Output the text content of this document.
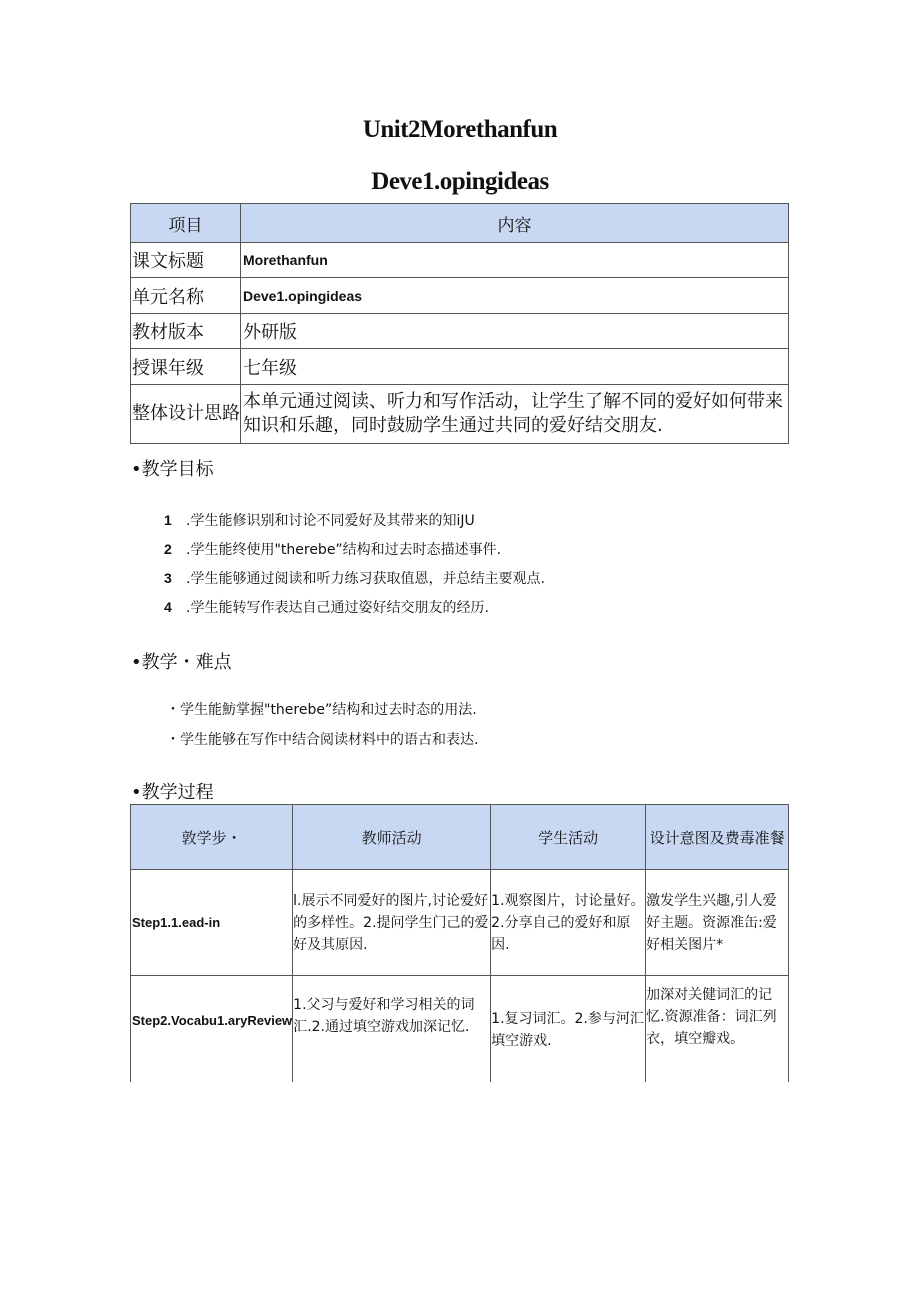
Unit2Morethanfun
Deve1.opingideas
项目	内容
课文标题	Morethanfun
单元名称	Deve1.opingideas
教材版本	外研版
授课年级	七年级
整体设计思路	本单元通过阅读、听力和写作活动，让学生了解不同的爱好如何带来知识和乐趣，同时鼓励学生通过共同的爱好结交朋友.
•教学目标
1 .学生能修识别和讨论不同爱好及其带来的知iJU
2 .学生能终使用"therebe”结构和过去时态描述事件.
3 .学生能够通过阅读和听力练习获取值恩，并总结主要观点.
4 .学生能转写作表达自己通过姿好结交朋友的经历.
•教学・难点
・学生能魴掌握"therebe”结构和过去时态的用法.
・学生能够在写作中结合阅读材料中的语古和表达.
•教学过程
敦学步・	教师活动	学生活动	设计意图及费毒准餐
Step1.1.ead-in	l.展示不同爱好的图片,讨论爱好的多样性。2.提问学生门己的爱好及其原因.	1.观察图片，讨论量好。2.分享自己的爱好和原因.	激发学生兴趣,引人爱好主题。资源准缶:爱好相关图片*

Step2.Vocabu1.aryReview	1.父习与爱好和学习相关的词汇.2.通过填空游戏加深记忆.	1.复习词汇。2.参与河汇填空游戏.	加深对关健词汇的记忆.资源准备：词汇列衣，填空瓣戏。
